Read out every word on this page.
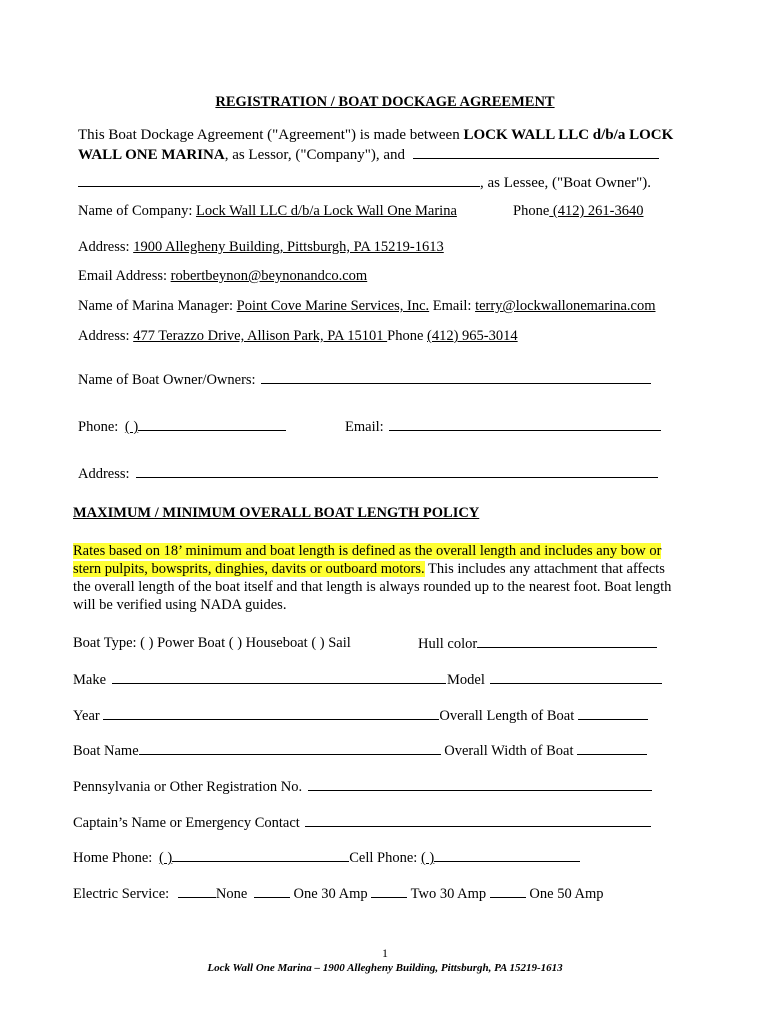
REGISTRATION / BOAT DOCKAGE AGREEMENT
This Boat Dockage Agreement ("Agreement") is made between LOCK WALL LLC d/b/a LOCK
WALL ONE MARINA, as Lessor, ("Company"), and
, as Lessee, ("Boat Owner").
Name of Company: Lock Wall LLC d/b/a Lock Wall One Marina	Phone (412) 261-3640
Address: 1900 Allegheny Building, Pittsburgh, PA 15219-1613
Email Address: robertbeynon@beynonandco.com
Name of Marina Manager: Point Cove Marine Services, Inc. Email: terry@lockwallonemarina.com
Address: 477 Terazzo Drive, Allison Park, PA 15101 Phone (412) 965-3014
Name of Boat Owner/Owners:
Phone: ( )	Email:
Address:
MAXIMUM / MINIMUM OVERALL BOAT LENGTH POLICY
Rates based on 18’ minimum and boat length is defined as the overall length and includes any bow or
stern pulpits, bowsprits, dinghies, davits or outboard motors. This includes any attachment that affects
the overall length of the boat itself and that length is always rounded up to the nearest foot. Boat length
will be verified using NADA guides.
Boat Type: ( ) Power Boat ( ) Houseboat ( ) Sail	Hull color
Make	Model
Year	Overall Length of Boat
Boat Name	Overall Width of Boat
Pennsylvania or Other Registration No.
Captain’s Name or Emergency Contact
Home Phone: ( )	Cell Phone: ( )
Electric Service:	None	One 30 Amp	Two 30 Amp	One 50 Amp
1
Lock Wall One Marina – 1900 Allegheny Building, Pittsburgh, PA 15219-1613
